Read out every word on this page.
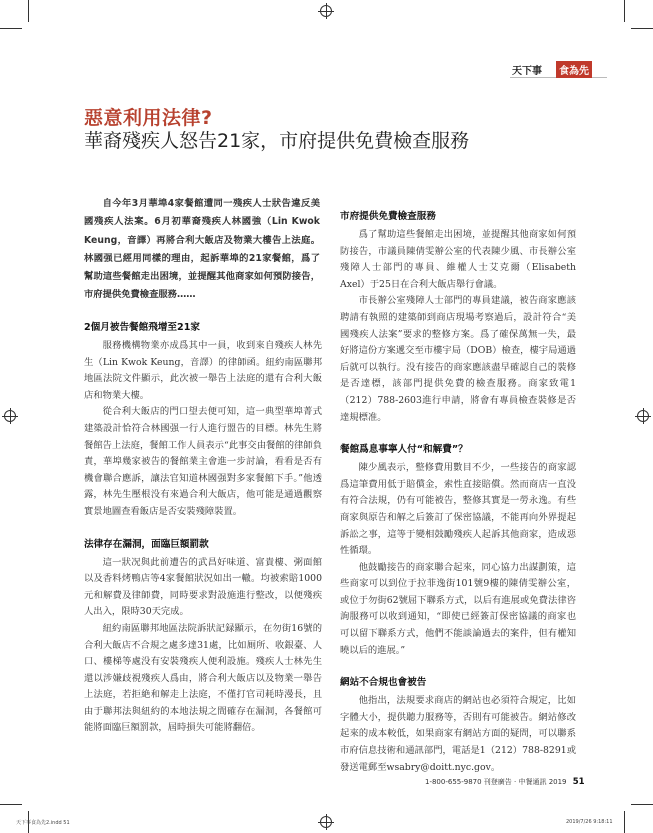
天下事	食為先
惡意利用法律?
華裔殘疾人怒告21家，市府提供免費檢查服務
自今年3月華埠4家餐館遭同一殘疾人士狀告違反美國殘疾人法案。6月初華裔殘疾人林國強（Lin Kwok Keung，音譯）再將合利大飯店及物業大樓告上法庭。林國强已經用同樣的理由，起訴華埠的21家餐館，爲了幫助這些餐館走出困境，並提醒其他商家如何預防接告，市府提供免費檢查服務……
2個月被告餐館飛增至21家

服務機構物業亦成爲其中一員，收到來自殘疾人林先生（Lin Kwok Keung，音譯）的律師函。紐約南區聯邦地區法院文件顯示，此次被一舉告上法庭的還有合利大飯店和物業大樓。

從合利大飯店的門口望去便可知，這一典型華埠菁式建築設計恰符合林國强一行人進行盟告的目標。林先生將餐館告上法庭，餐館工作人員表示“此事交由餐館的律師負責，華埠幾家被告的餐館業主會進一步討論，看看是否有機會聯合應訴，讓法官知道林國强對多家餐館下手。”他透露，林先生壓根没有來過合利大飯店，他可能是通過觀察實景地圖查看飯店是否安裝殘障裝置。

法律存在漏洞，面臨巨額罰款

這一狀况與此前遭告的武昌好味道、富貴樓、粥面館以及香料烤鴨店等4家餐館狀況如出一轍。均被索賠1000元和解費及律師費，同時要求對設施進行整改，以便殘疾人出入，限時30天完成。

紐約南區聯邦地區法院訴狀記録顯示，在勿街16號的合利大飯店不合規之處多達31處，比如厠所、收銀臺、人口、樓梯等處没有安裝殘疾人便利設施。殘疾人士林先生還以涉嫌歧視殘疾人爲由，將合利大飯店以及物業一舉告上法庭，若拒絶和解走上法庭，不僅打官司耗時漫長，且由于聯邦法與紐約的本地法規之間確存在漏洞，各餐館可能將面臨巨額罰款，屆時損失可能將翻倍。

市府提供免費檢查服務

爲了幫助這些餐館走出困境，並提醒其他商家如何預防接告，市議員陳倩雯辦公室的代表陳少風、市長辦公室殘障人士部門的專員、維權人士艾克爾（Elisabeth Axel）于25日在合利大飯店舉行會議。

市長辦公室殘障人士部門的專員建議，被告商家應該聘請有執照的建築師到商店現場考察過后，設計符合“美國殘疾人法案”要求的整修方案。爲了確保萬無一失，最好將這份方案遞交至市樓宇局（DOB）檢查，樓宇局通過后就可以執行。没有接告的商家應該盡早確認自己的裝修是否達標，該部門提供免費的檢查服務。商家致電1（212）788-2603進行申請，將會有專員檢查裝修是否達規標准。

餐館爲息事寧人付“和解費”？

陳少風表示，整修費用數目不少，一些接告的商家認爲這筆費用低于賠償金，索性直接賠償。然而商店一直没有符合法規，仍有可能被告，整修其實是一勞永逸。有些商家與原告和解之后簽訂了保密協議，不能再向外界提起訴訟之事，這等于變相鼓勵殘疾人起訴其他商家，造成惡性循環。

他鼓勵接告的商家聯合起來，同心協力出謀劃策，這些商家可以到位于拉菲逸街101號9樓的陳倩雯辦公室，或位于勿街62號屈下聯系方式，以后有進展或免費法律咨詢服務可以收到通知，“即使已經簽訂保密協議的商家也可以留下聯系方式，他們不能談論過去的案件，但有權知曉以后的進展。”

網站不合規也會被告

他指出，法規要求商店的網站也必須符合規定，比如字體大小，提供聽力服務等，否則有可能被告。網站修改起來的成本較低，如果商家有網站方面的疑問，可以聯系市府信息技術和通訊部門，電話是1（212）788-8291或發送電郵至wsabry@doitt.nyc.gov。

1-800-655-9870 刊登廣告 · 中餐通訊 2019 51
天下事食為先2.indd 51	2019/7/26 9:18:11
